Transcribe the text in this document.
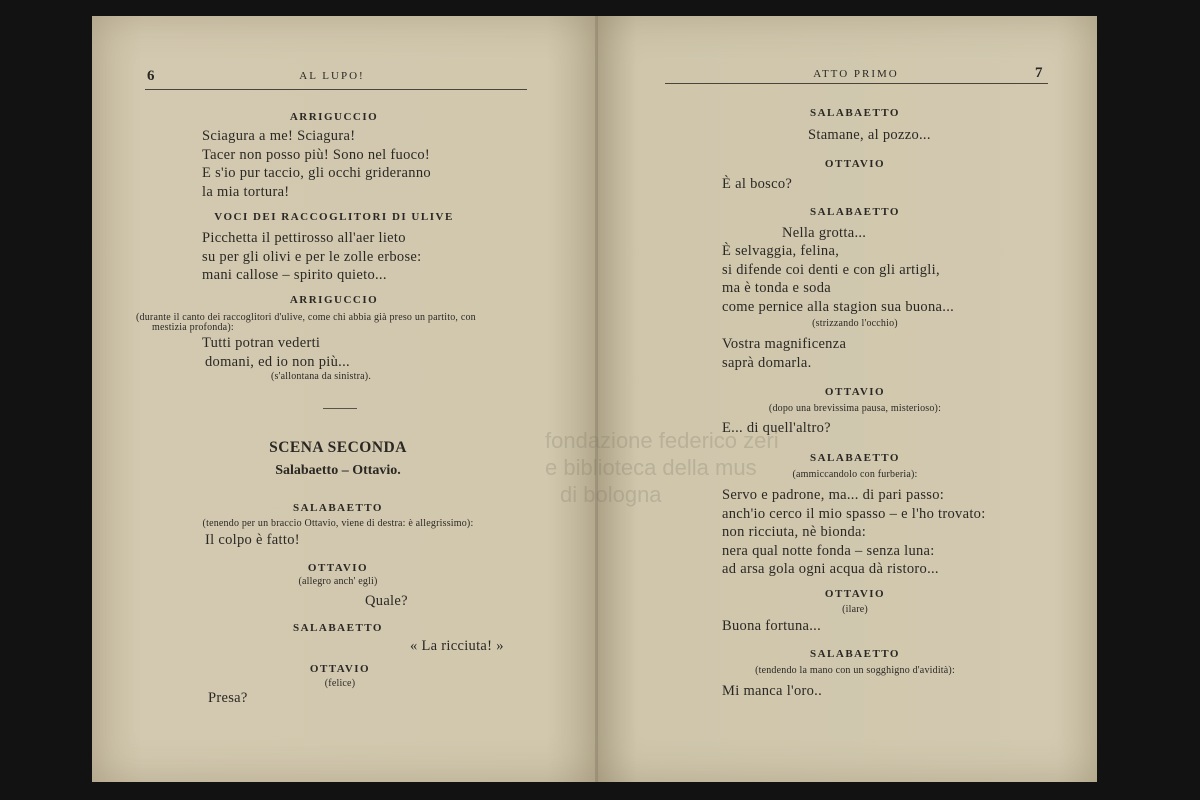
fondazione federico zeri
e biblioteca della mus
di bologna
6	AL LUPO!
ARRIGUCCIO
Sciagura a me! Sciagura!
Tacer non posso più! Sono nel fuoco!
E s'io pur taccio, gli occhi grideranno
la mia tortura!
VOCI DEI RACCOGLITORI DI ULIVE
Picchetta il pettirosso all'aer lieto
su per gli olivi e per le zolle erbose:
mani callose – spirito quieto...
ARRIGUCCIO
(durante il canto dei raccoglitori d'ulive, come chi abbia già preso un partito, con
mestizia profonda):
Tutti potran vederti
domani, ed io non più...
(s'allontana da sinistra).
SCENA SECONDA
Salabaetto – Ottavio.
SALABAETTO
(tenendo per un braccio Ottavio, viene di destra: è allegrissimo):
Il colpo è fatto!
OTTAVIO
(allegro anch' egli)
Quale?
SALABAETTO
« La ricciuta! »
OTTAVIO
(felice)
Presa?
ATTO PRIMO	7
SALABAETTO
Stamane, al pozzo...
OTTAVIO
È al bosco?
SALABAETTO
Nella grotta...
È selvaggia, felina,
si difende coi denti e con gli artigli,
ma è tonda e soda
come pernice alla stagion sua buona...
(strizzando l'occhio)
Vostra magnificenza
saprà domarla.
OTTAVIO
(dopo una brevissima pausa, misterioso):
E... di quell'altro?
SALABAETTO
(ammiccandolo con furberia):
Servo e padrone, ma... di pari passo:
anch'io cerco il mio spasso – e l'ho trovato:
non ricciuta, nè bionda:
nera qual notte fonda – senza luna:
ad arsa gola ogni acqua dà ristoro...
OTTAVIO
(ilare)
Buona fortuna...
SALABAETTO
(tendendo la mano con un sogghigno d'avidità):
Mi manca l'oro..
